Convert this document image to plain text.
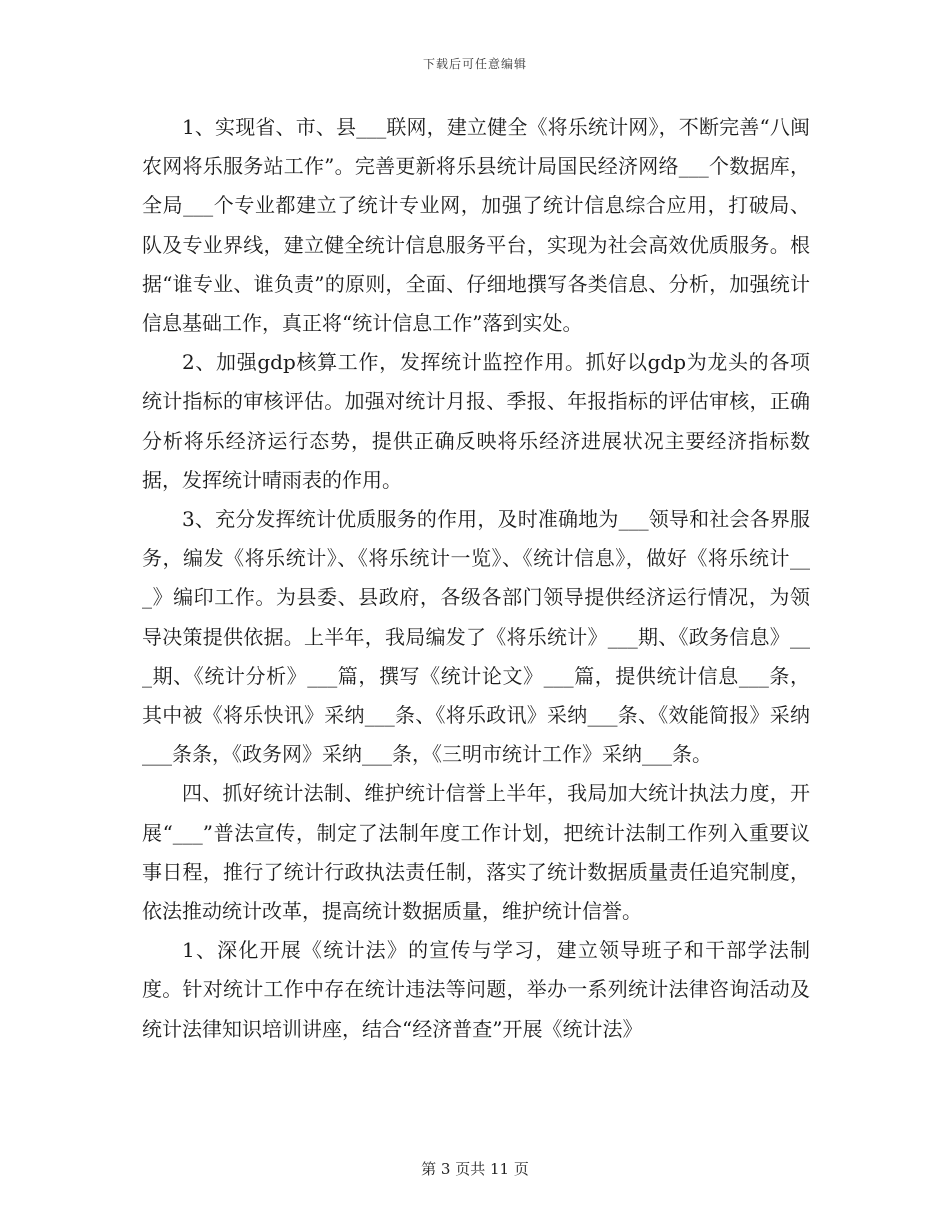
下载后可任意编辑

1、实现省、市、县___联网，建立健全《将乐统计网》，不断完善“八闽农网将乐服务站工作”。完善更新将乐县统计局国民经济网络___个数据库，全局___个专业都建立了统计专业网，加强了统计信息综合应用，打破局、队及专业界线，建立健全统计信息服务平台，实现为社会高效优质服务。根据“谁专业、谁负责”的原则，全面、仔细地撰写各类信息、分析，加强统计信息基础工作，真正将“统计信息工作”落到实处。

2、加强gdp核算工作，发挥统计监控作用。抓好以gdp为龙头的各项统计指标的审核评估。加强对统计月报、季报、年报指标的评估审核，正确分析将乐经济运行态势，提供正确反映将乐经济进展状况主要经济指标数据，发挥统计晴雨表的作用。

3、充分发挥统计优质服务的作用，及时准确地为___领导和社会各界服务，编发《将乐统计》、《将乐统计一览》、《统计信息》，做好《将乐统计___》编印工作。为县委、县政府，各级各部门领导提供经济运行情况，为领导决策提供依据。上半年，我局编发了《将乐统计》___期、《政务信息》___期、《统计分析》___篇，撰写《统计论文》___篇，提供统计信息___条，其中被《将乐快讯》采纳___条、《将乐政讯》采纳___条、《效能简报》采纳___条条，《政务网》采纳___条，《三明市统计工作》采纳___条。

四、抓好统计法制、维护统计信誉上半年，我局加大统计执法力度，开展“___”普法宣传，制定了法制年度工作计划，把统计法制工作列入重要议事日程，推行了统计行政执法责任制，落实了统计数据质量责任追究制度，依法推动统计改革，提高统计数据质量，维护统计信誉。

1、深化开展《统计法》的宣传与学习，建立领导班子和干部学法制度。针对统计工作中存在统计违法等问题，举办一系列统计法律咨询活动及统计法律知识培训讲座，结合“经济普查”开展《统计法》

第 3 页共 11 页
